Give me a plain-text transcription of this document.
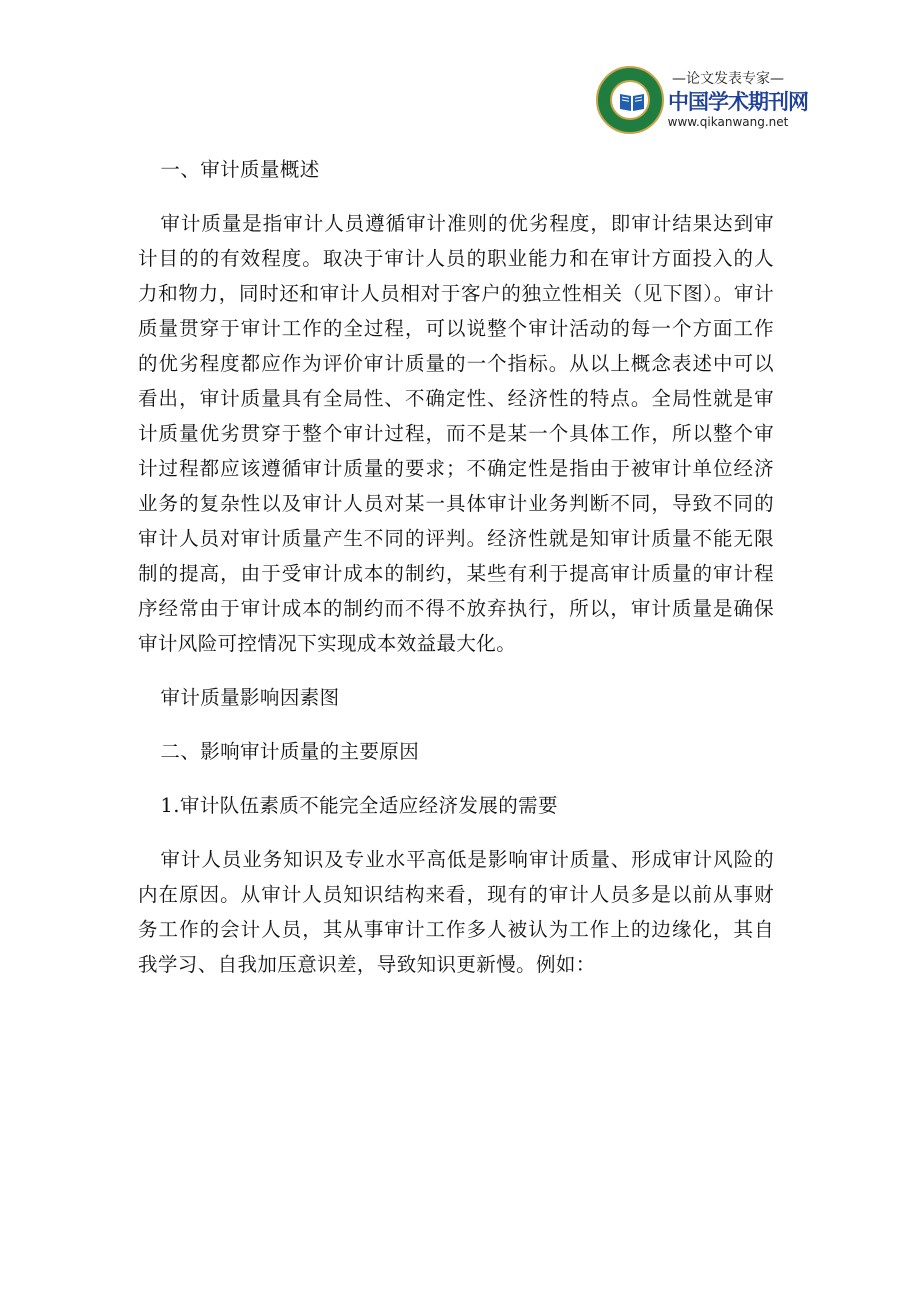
—论文发表专家—
中国学术期刊网
www.qikanwang.net

一、审计质量概述

审计质量是指审计人员遵循审计准则的优劣程度，即审计结果达到审计目的的有效程度。取决于审计人员的职业能力和在审计方面投入的人力和物力，同时还和审计人员相对于客户的独立性相关（见下图）。审计质量贯穿于审计工作的全过程，可以说整个审计活动的每一个方面工作的优劣程度都应作为评价审计质量的一个指标。从以上概念表述中可以看出，审计质量具有全局性、不确定性、经济性的特点。全局性就是审计质量优劣贯穿于整个审计过程，而不是某一个具体工作，所以整个审计过程都应该遵循审计质量的要求；不确定性是指由于被审计单位经济业务的复杂性以及审计人员对某一具体审计业务判断不同，导致不同的审计人员对审计质量产生不同的评判。经济性就是知审计质量不能无限制的提高，由于受审计成本的制约，某些有利于提高审计质量的审计程序经常由于审计成本的制约而不得不放弃执行，所以，审计质量是确保审计风险可控情况下实现成本效益最大化。

审计质量影响因素图

二、影响审计质量的主要原因

1.审计队伍素质不能完全适应经济发展的需要

审计人员业务知识及专业水平高低是影响审计质量、形成审计风险的内在原因。从审计人员知识结构来看，现有的审计人员多是以前从事财务工作的会计人员，其从事审计工作多人被认为工作上的边缘化，其自我学习、自我加压意识差，导致知识更新慢。例如：
